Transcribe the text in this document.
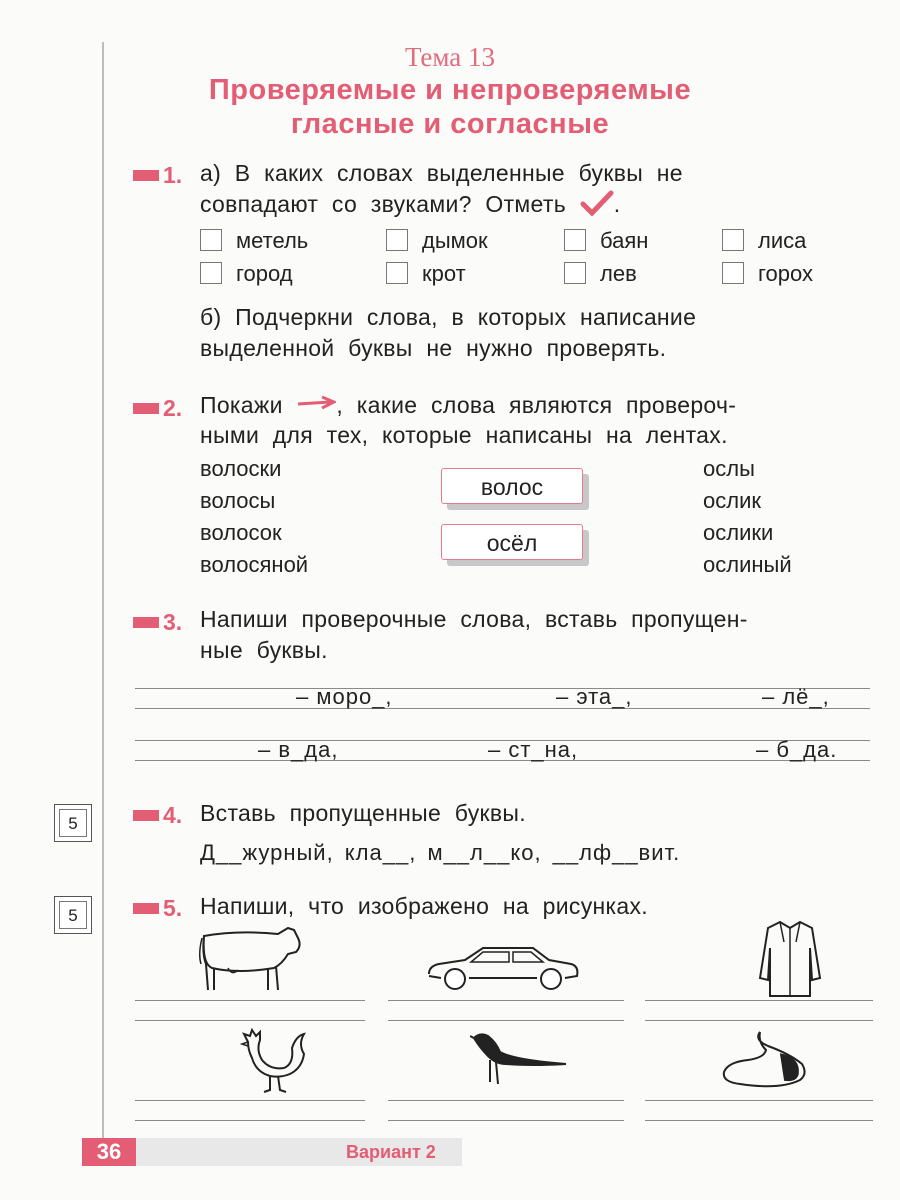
Тема 13
Проверяемые и непроверяемые
гласные и согласные
1. а) В каких словах выделенные буквы не
совпадают со звуками? Отметь .
метель	дымок	баян	лиса
город	крот	лев	горох
б) Подчеркни слова, в которых написание
выделенной буквы не нужно проверять.
2. Покажи , какие слова являются провероч-
ными для тех, которые написаны на лентах.
волоски
волосы
волосок
волосяной
волос
осёл
ослы
ослик
ослики
ослиный
3. Напиши проверочные слова, вставь пропущен-
ные буквы.
– моро_,	– эта_,	– лё_,
– в_да,	– ст_на,	– б_да.
5	4. Вставь пропущенные буквы.
Д__журный, кла__, м__л__ко, __лф__вит.
5	5. Напиши, что изображено на рисунках.
36	Вариант 2
